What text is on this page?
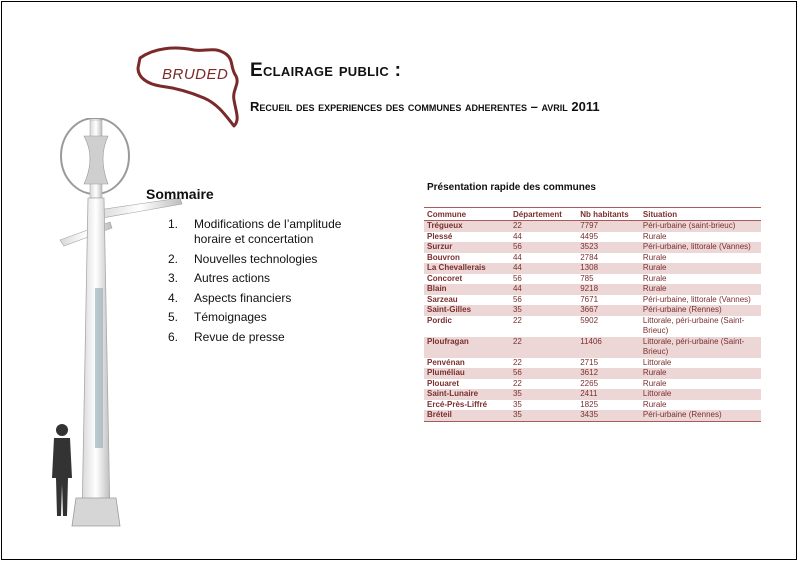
BRUDED Eclairage public :
Recueil des experiences des communes adherentes – avril 2011
Sommaire
1.	Modifications de l’amplitude horaire et concertation
2.	Nouvelles technologies
3.	Autres actions
4.	Aspects financiers
5.	Témoignages
6.	Revue de presse
Présentation rapide des communes
Commune	Département	Nb habitants	Situation
Trégueux	22	7797	Péri-urbaine (saint-brieuc)
Plessé	44	4495	Rurale
Surzur	56	3523	Péri-urbaine, littorale (Vannes)
Bouvron	44	2784	Rurale
La Chevallerais	44	1308	Rurale
Concoret	56	785	Rurale
Blain	44	9218	Rurale
Sarzeau	56	7671	Péri-urbaine, littorale (Vannes)
Saint-Gilles	35	3667	Péri-urbaine (Rennes)
Pordic	22	5902	Littorale, péri-urbaine (Saint-Brieuc)
Ploufragan	22	11406	Littorale, péri-urbaine (Saint-Brieuc)
Penvénan	22	2715	Littorale
Pluméliau	56	3612	Rurale
Plouaret	22	2265	Rurale
Saint-Lunaire	35	2411	Littorale
Ercé-Près-Liffré	35	1825	Rurale
Bréteil	35	3435	Péri-urbaine (Rennes)
